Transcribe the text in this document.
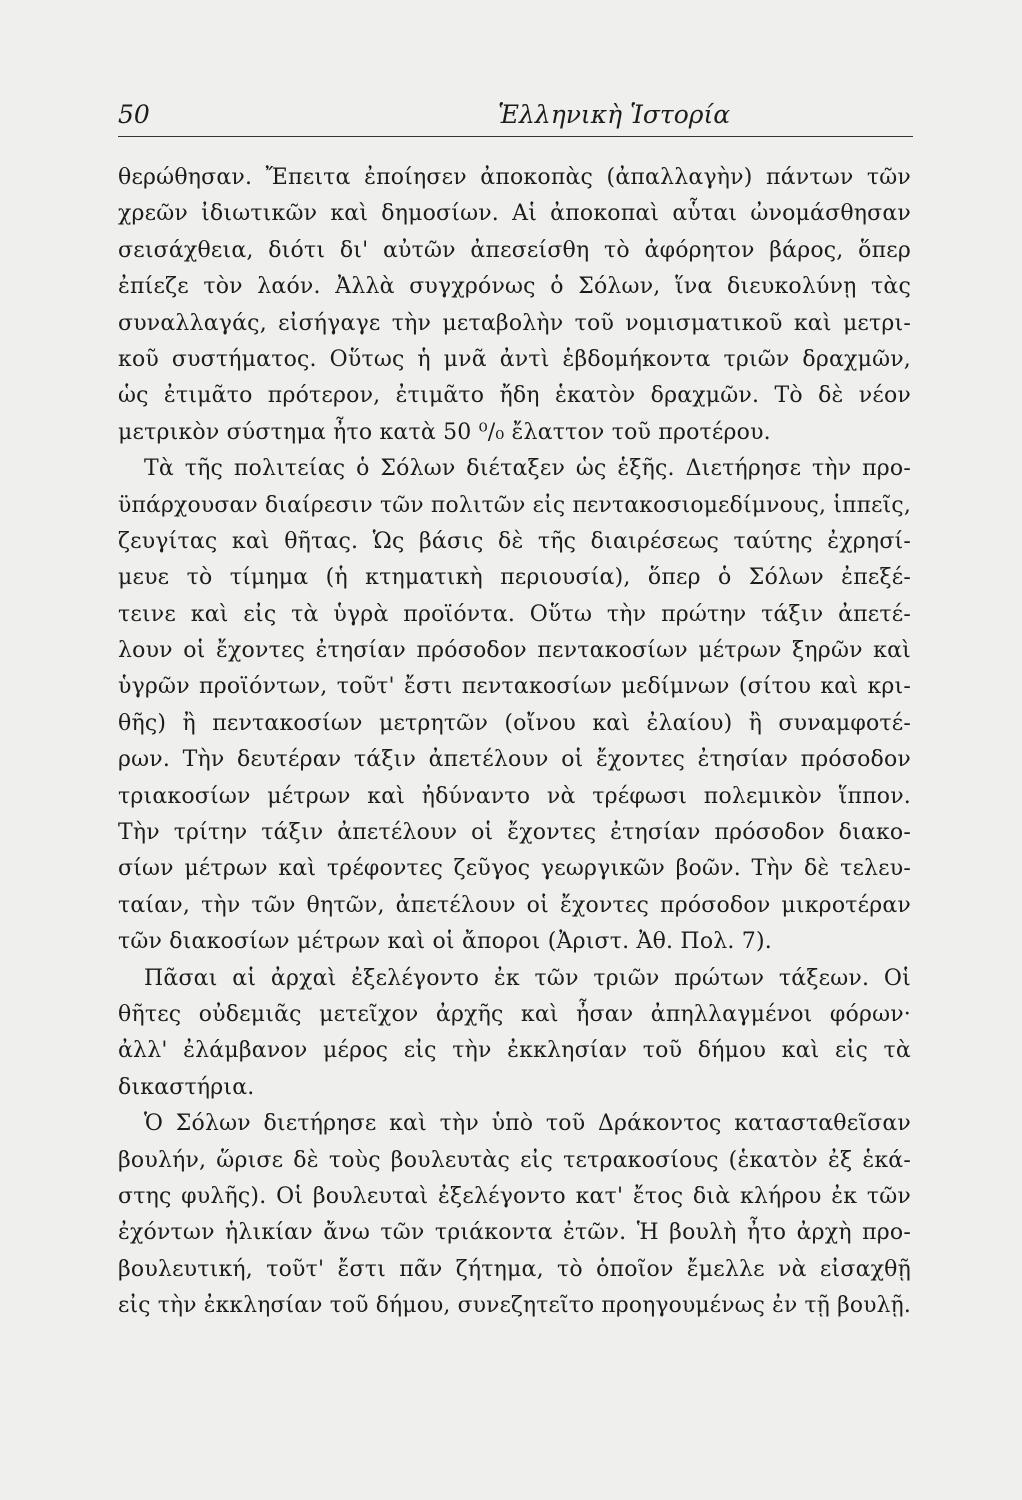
50	Ἑλληνικὴ Ἱστορία
θερώθησαν. Ἔπειτα ἐποίησεν ἀποκοπὰς (ἀπαλλαγὴν) πάντων τῶν
χρεῶν ἰδιωτικῶν καὶ δημοσίων. Αἱ ἀποκοπαὶ αὗται ὠνομάσθησαν
σεισάχθεια, διότι δι' αὐτῶν ἀπεσείσθη τὸ ἀφόρητον βάρος, ὅπερ
ἐπίεζε τὸν λαόν. Ἀλλὰ συγχρόνως ὁ Σόλων, ἵνα διευκολύνῃ τὰς
συναλλαγάς, εἰσήγαγε τὴν μεταβολὴν τοῦ νομισματικοῦ καὶ μετρι-
κοῦ συστήματος. Οὕτως ἡ μνᾶ ἀντὶ ἑβδομήκοντα τριῶν δραχμῶν,
ὡς ἐτιμᾶτο πρότερον, ἐτιμᾶτο ἤδη ἑκατὸν δραχμῶν. Τὸ δὲ νέον
μετρικὸν σύστημα ἦτο κατὰ 50 ⁰/₀ ἔλαττον τοῦ προτέρου.
Τὰ τῆς πολιτείας ὁ Σόλων διέταξεν ὡς ἑξῆς. Διετήρησε τὴν προ-
ϋπάρχουσαν διαίρεσιν τῶν πολιτῶν εἰς πεντακοσιομεδίμνους, ἱππεῖς,
ζευγίτας καὶ θῆτας. Ὡς βάσις δὲ τῆς διαιρέσεως ταύτης ἐχρησί-
μευε τὸ τίμημα (ἡ κτηματικὴ περιουσία), ὅπερ ὁ Σόλων ἐπεξέ-
τεινε καὶ εἰς τὰ ὑγρὰ προϊόντα. Οὕτω τὴν πρώτην τάξιν ἀπετέ-
λουν οἱ ἔχοντες ἐτησίαν πρόσοδον πεντακοσίων μέτρων ξηρῶν καὶ
ὑγρῶν προϊόντων, τοῦτ' ἔστι πεντακοσίων μεδίμνων (σίτου καὶ κρι-
θῆς) ἢ πεντακοσίων μετρητῶν (οἴνου καὶ ἐλαίου) ἢ συναμφοτέ-
ρων. Τὴν δευτέραν τάξιν ἀπετέλουν οἱ ἔχοντες ἐτησίαν πρόσοδον
τριακοσίων μέτρων καὶ ἠδύναντο νὰ τρέφωσι πολεμικὸν ἵππον.
Τὴν τρίτην τάξιν ἀπετέλουν οἱ ἔχοντες ἐτησίαν πρόσοδον διακο-
σίων μέτρων καὶ τρέφοντες ζεῦγος γεωργικῶν βοῶν. Τὴν δὲ τελευ-
ταίαν, τὴν τῶν θητῶν, ἀπετέλουν οἱ ἔχοντες πρόσοδον μικροτέραν
τῶν διακοσίων μέτρων καὶ οἱ ἄποροι (Ἀριστ. Ἀθ. Πολ. 7).
Πᾶσαι αἱ ἀρχαὶ ἐξελέγοντο ἐκ τῶν τριῶν πρώτων τάξεων. Οἱ
θῆτες οὐδεμιᾶς μετεῖχον ἀρχῆς καὶ ἦσαν ἀπηλλαγμένοι φόρων·
ἀλλ' ἐλάμβανον μέρος εἰς τὴν ἐκκλησίαν τοῦ δήμου καὶ εἰς τὰ
δικαστήρια.
Ὁ Σόλων διετήρησε καὶ τὴν ὑπὸ τοῦ Δράκοντος κατασταθεῖσαν
βουλήν, ὥρισε δὲ τοὺς βουλευτὰς εἰς τετρακοσίους (ἑκατὸν ἐξ ἑκά-
στης φυλῆς). Οἱ βουλευταὶ ἐξελέγοντο κατ' ἔτος διὰ κλήρου ἐκ τῶν
ἐχόντων ἡλικίαν ἄνω τῶν τριάκοντα ἐτῶν. Ἡ βουλὴ ἦτο ἀρχὴ προ-
βουλευτική, τοῦτ' ἔστι πᾶν ζήτημα, τὸ ὁποῖον ἔμελλε νὰ εἰσαχθῇ
εἰς τὴν ἐκκλησίαν τοῦ δήμου, συνεζητεῖτο προηγουμένως ἐν τῇ βουλῇ.
